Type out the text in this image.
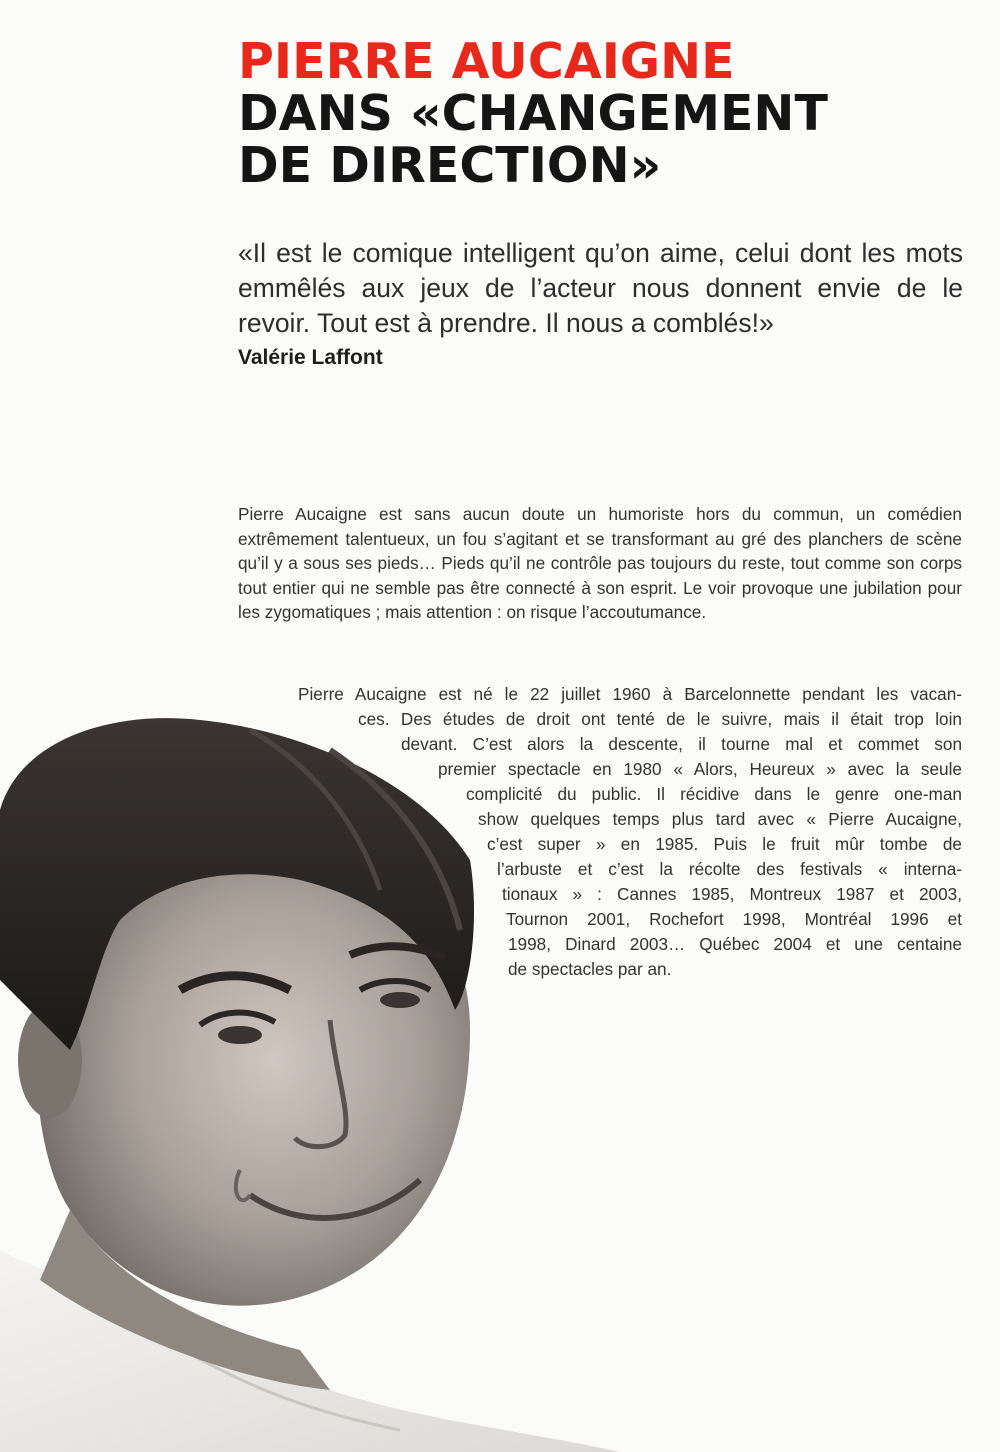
PIERRE AUCAIGNE
DANS «CHANGEMENT
DE DIRECTION»
«Il est le comique intelligent qu’on aime, celui dont les mots emmêlés aux jeux de l’acteur nous donnent envie de le revoir. Tout est à prendre. Il nous a comblés!»
Valérie Laffont
Pierre Aucaigne est sans aucun doute un humoriste hors du commun, un comédien extrêmement talentueux, un fou s’agitant et se transformant au gré des planchers de scène qu’il y a sous ses pieds… Pieds qu’il ne contrôle pas toujours du reste, tout comme son corps tout entier qui ne semble pas être connecté à son esprit. Le voir provoque une jubilation pour les zygomatiques ; mais attention : on risque l’accoutumance.
Pierre Aucaigne est né le 22 juillet 1960 à Barcelonnette pendant les vacan-
ces. Des études de droit ont tenté de le suivre, mais il était trop loin
devant. C’est alors la descente, il tourne mal et commet son
premier spectacle en 1980 « Alors, Heureux » avec la seule
complicité du public. Il récidive dans le genre one-man
show quelques temps plus tard avec « Pierre Aucaigne,
c’est super » en 1985. Puis le fruit mûr tombe de
l’arbuste et c’est la récolte des festivals « interna-
tionaux » : Cannes 1985, Montreux 1987 et 2003,
Tournon 2001, Rochefort 1998, Montréal 1996 et
1998, Dinard 2003… Québec 2004 et une centaine
de spectacles par an.
